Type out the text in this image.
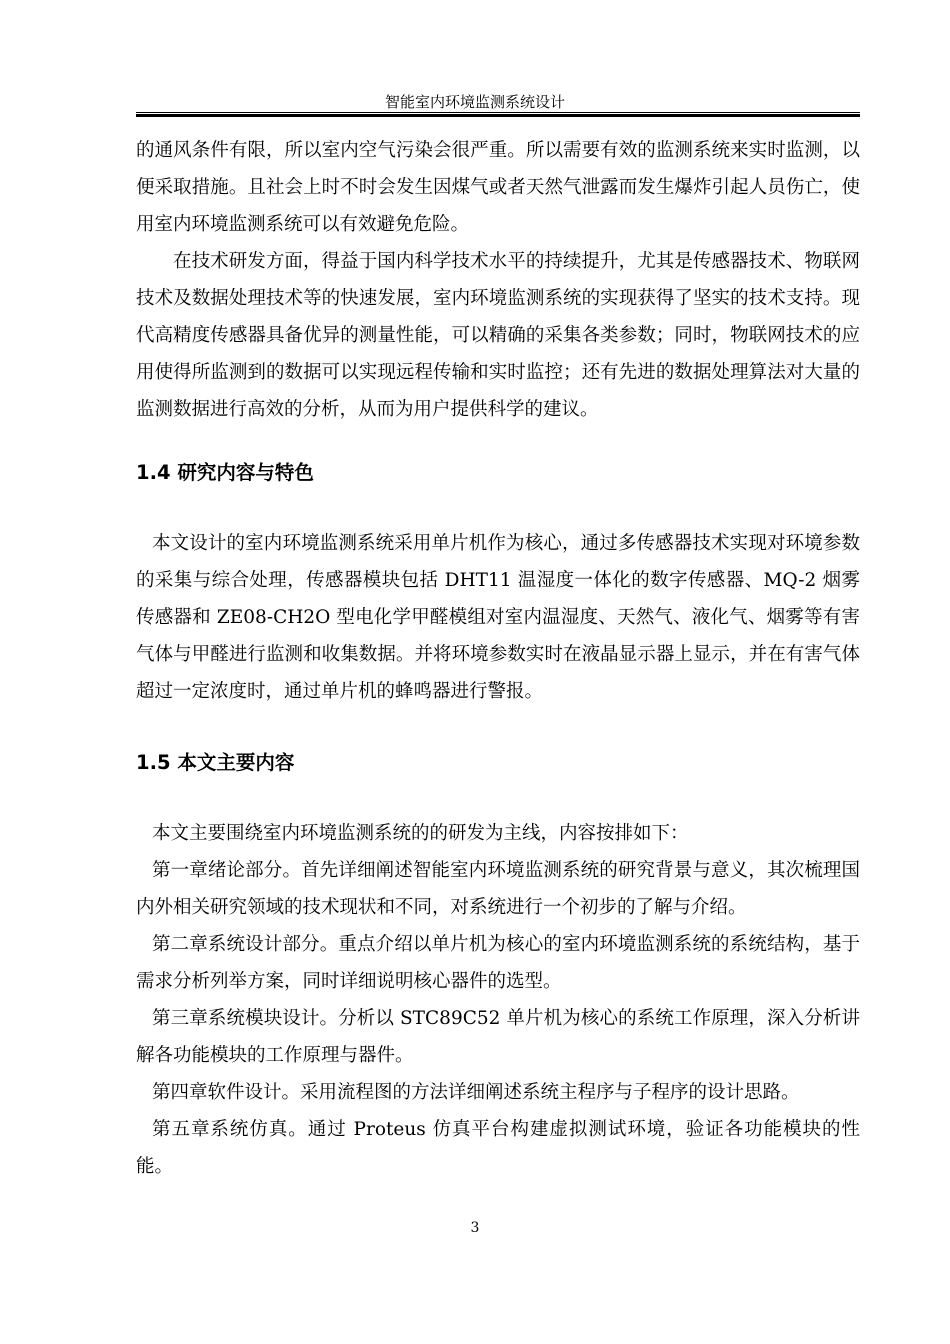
智能室内环境监测系统设计

的通风条件有限，所以室内空气污染会很严重。所以需要有效的监测系统来实时监测，以便采取措施。且社会上时不时会发生因煤气或者天然气泄露而发生爆炸引起人员伤亡，使用室内环境监测系统可以有效避免危险。

在技术研发方面，得益于国内科学技术水平的持续提升，尤其是传感器技术、物联网技术及数据处理技术等的快速发展，室内环境监测系统的实现获得了坚实的技术支持。现代高精度传感器具备优异的测量性能，可以精确的采集各类参数；同时，物联网技术的应用使得所监测到的数据可以实现远程传输和实时监控；还有先进的数据处理算法对大量的监测数据进行高效的分析，从而为用户提供科学的建议。

1.4 研究内容与特色

本文设计的室内环境监测系统采用单片机作为核心，通过多传感器技术实现对环境参数的采集与综合处理，传感器模块包括 DHT11 温湿度一体化的数字传感器、MQ-2 烟雾传感器和 ZE08-CH2O 型电化学甲醛模组对室内温湿度、天然气、液化气、烟雾等有害气体与甲醛进行监测和收集数据。并将环境参数实时在液晶显示器上显示，并在有害气体超过一定浓度时，通过单片机的蜂鸣器进行警报。

1.5 本文主要内容

本文主要围绕室内环境监测系统的的研发为主线，内容按排如下：

第一章绪论部分。首先详细阐述智能室内环境监测系统的研究背景与意义，其次梳理国内外相关研究领域的技术现状和不同，对系统进行一个初步的了解与介绍。

第二章系统设计部分。重点介绍以单片机为核心的室内环境监测系统的系统结构，基于需求分析列举方案，同时详细说明核心器件的选型。

第三章系统模块设计。分析以 STC89C52 单片机为核心的系统工作原理，深入分析讲解各功能模块的工作原理与器件。

第四章软件设计。采用流程图的方法详细阐述系统主程序与子程序的设计思路。

第五章系统仿真。通过 Proteus 仿真平台构建虚拟测试环境，验证各功能模块的性能。

3
